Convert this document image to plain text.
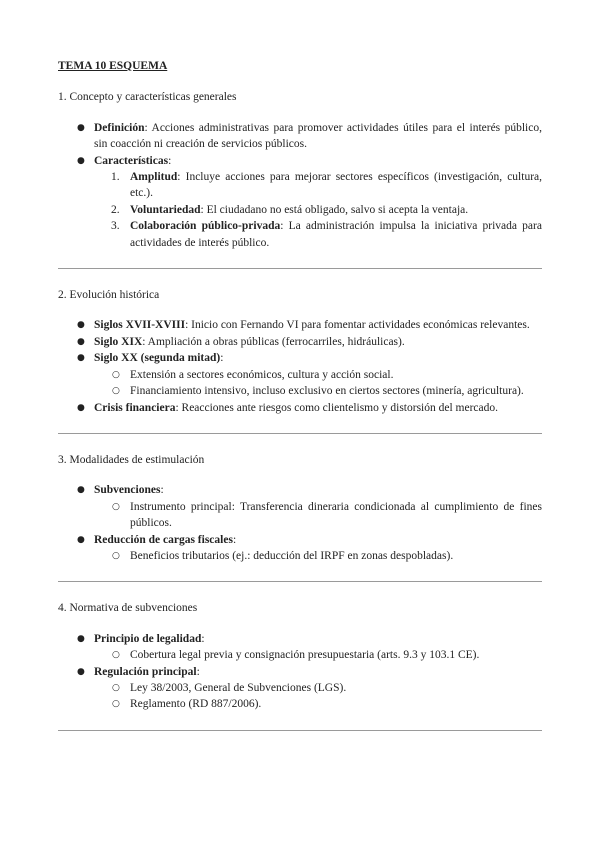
TEMA 10 ESQUEMA
1. Concepto y características generales
● Definición: Acciones administrativas para promover actividades útiles para el interés público, sin coacción ni creación de servicios públicos.
● Características:
1. Amplitud: Incluye acciones para mejorar sectores específicos (investigación, cultura, etc.).
2. Voluntariedad: El ciudadano no está obligado, salvo si acepta la ventaja.
3. Colaboración público-privada: La administración impulsa la iniciativa privada para actividades de interés público.
2. Evolución histórica
● Siglos XVII-XVIII: Inicio con Fernando VI para fomentar actividades económicas relevantes.
● Siglo XIX: Ampliación a obras públicas (ferrocarriles, hidráulicas).
● Siglo XX (segunda mitad):
○ Extensión a sectores económicos, cultura y acción social.
○ Financiamiento intensivo, incluso exclusivo en ciertos sectores (minería, agricultura).
● Crisis financiera: Reacciones ante riesgos como clientelismo y distorsión del mercado.
3. Modalidades de estimulación
● Subvenciones:
○ Instrumento principal: Transferencia dineraria condicionada al cumplimiento de fines públicos.
● Reducción de cargas fiscales:
○ Beneficios tributarios (ej.: deducción del IRPF en zonas despobladas).
4. Normativa de subvenciones
● Principio de legalidad:
○ Cobertura legal previa y consignación presupuestaria (arts. 9.3 y 103.1 CE).
● Regulación principal:
○ Ley 38/2003, General de Subvenciones (LGS).
○ Reglamento (RD 887/2006).
